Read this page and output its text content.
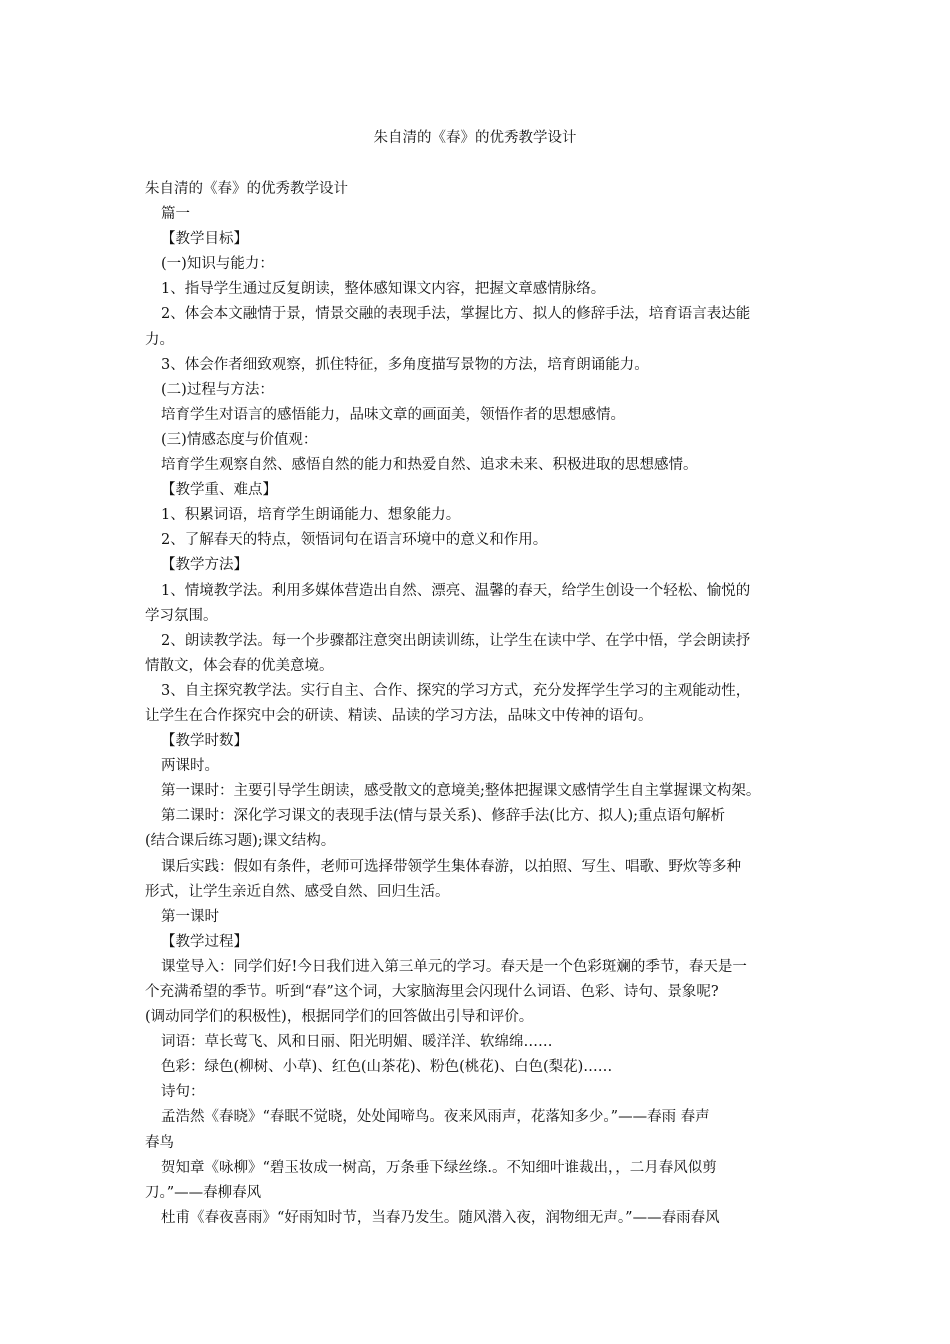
朱自清的《春》的优秀教学设计
朱自清的《春》的优秀教学设计
篇一
【教学目标】
(一)知识与能力：
1、指导学生通过反复朗读，整体感知课文内容，把握文章感情脉络。
2、体会本文融情于景，情景交融的表现手法，掌握比方、拟人的修辞手法，培育语言表达能
力。
3、体会作者细致观察，抓住特征，多角度描写景物的方法，培育朗诵能力。
(二)过程与方法：
培育学生对语言的感悟能力，品味文章的画面美，领悟作者的思想感情。
(三)情感态度与价值观：
培育学生观察自然、感悟自然的能力和热爱自然、追求未来、积极进取的思想感情。
【教学重、难点】
1、积累词语，培育学生朗诵能力、想象能力。
2、了解春天的特点，领悟词句在语言环境中的意义和作用。
【教学方法】
1、情境教学法。利用多媒体营造出自然、漂亮、温馨的春天，给学生创设一个轻松、愉悦的
学习氛围。
2、朗读教学法。每一个步骤都注意突出朗读训练，让学生在读中学、在学中悟，学会朗读抒
情散文，体会春的优美意境。
3、自主探究教学法。实行自主、合作、探究的学习方式，充分发挥学生学习的主观能动性，
让学生在合作探究中会的研读、精读、品读的学习方法，品味文中传神的语句。
【教学时数】
两课时。
第一课时：主要引导学生朗读，感受散文的意境美;整体把握课文感情学生自主掌握课文构架。
第二课时：深化学习课文的表现手法(情与景关系)、修辞手法(比方、拟人);重点语句解析
(结合课后练习题);课文结构。
课后实践：假如有条件，老师可选择带领学生集体春游，以拍照、写生、唱歌、野炊等多种
形式，让学生亲近自然、感受自然、回归生活。
第一课时
【教学过程】
课堂导入：同学们好!今日我们进入第三单元的学习。春天是一个色彩斑斓的季节，春天是一
个充满希望的季节。听到“春”这个词，大家脑海里会闪现什么词语、色彩、诗句、景象呢?
(调动同学们的积极性)，根据同学们的回答做出引导和评价。
词语：草长莺飞、风和日丽、阳光明媚、暖洋洋、软绵绵……
色彩：绿色(柳树、小草)、红色(山茶花)、粉色(桃花)、白色(梨花)……
诗句：
孟浩然《春晓》“春眠不觉晓，处处闻啼鸟。夜来风雨声，花落知多少。”——春雨 春声
春鸟
贺知章《咏柳》“碧玉妆成一树高，万条垂下绿丝绦.。不知细叶谁裁出，，二月春风似剪
刀。”——春柳春风
杜甫《春夜喜雨》“好雨知时节，当春乃发生。随风潜入夜，润物细无声。”——春雨春风
